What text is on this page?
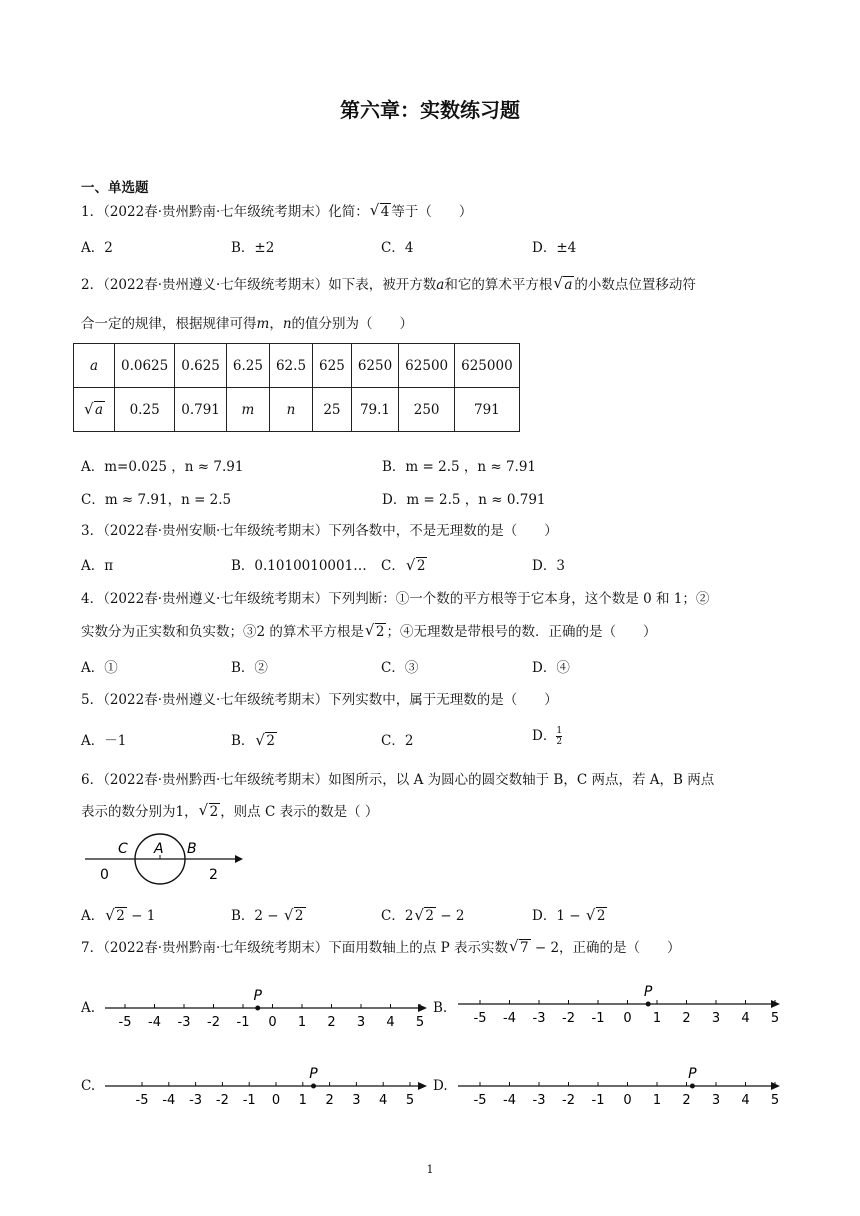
第六章：实数练习题
一、单选题
1．（2022春·贵州黔南·七年级统考期末）化简： √ 4 等于（　　）
A．2	B．±2	C．4	D．±4
2．（2022春·贵州遵义·七年级统考期末）如下表，被开方数a和它的算术平方根 √ a 的小数点位置移动符
合一定的规律，根据规律可得m，n的值分别为（　　）
a	0.0625	0.625	6.25	62.5	625	6250	62500	625000
√ a	0.25	0.791	m	n	25	79.1	250	791
A．m=0.025 ，n ≈ 7.91	B．m = 2.5 ，n ≈ 7.91
C．m ≈ 7.91，n = 2.5	D．m = 2.5 ，n ≈ 0.791
3．（2022春·贵州安顺·七年级统考期末）下列各数中，不是无理数的是（　　）
A．π	B．0.1010010001… C． √ 2	D．3
4．（2022春·贵州遵义·七年级统考期末）下列判断：①一个数的平方根等于它本身，这个数是 0 和 1；②
实数分为正实数和负实数；③2 的算术平方根是 √ 2 ；④无理数是带根号的数．正确的是（　　）
A．①	B．②	C．③	D．④
5．（2022春·贵州遵义·七年级统考期末）下列实数中，属于无理数的是（　　）
A．－1	B． √ 2	C．2	D． $\frac{1}{2}$
6．（2022春·贵州黔西·七年级统考期末）如图所示，以 A 为圆心的圆交数轴于 B，C 两点，若 A，B 两点
表示的数分别为1， √ 2 ，则点 C 表示的数是（ ）
C A B
0	2
A． √ 2 − 1	B．2 − √ 2	C．2 √ 2 − 2	D．1 − √ 2
7．（2022春·贵州黔南·七年级统考期末）下面用数轴上的点 P 表示实数 √ 7 − 2，正确的是（　　）
A.	B.
C.	D.
-5 -4 -3 -2 -1 0 1 2 3 4 5
P
-5 -4 -3 -2 -1 0 1 2 3 4 5
P
-5 -4 -3 -2 -1 0 1 2 3 4 5
P
-5 -4 -3 -2 -1 0 1 2 3 4 5
P
1
